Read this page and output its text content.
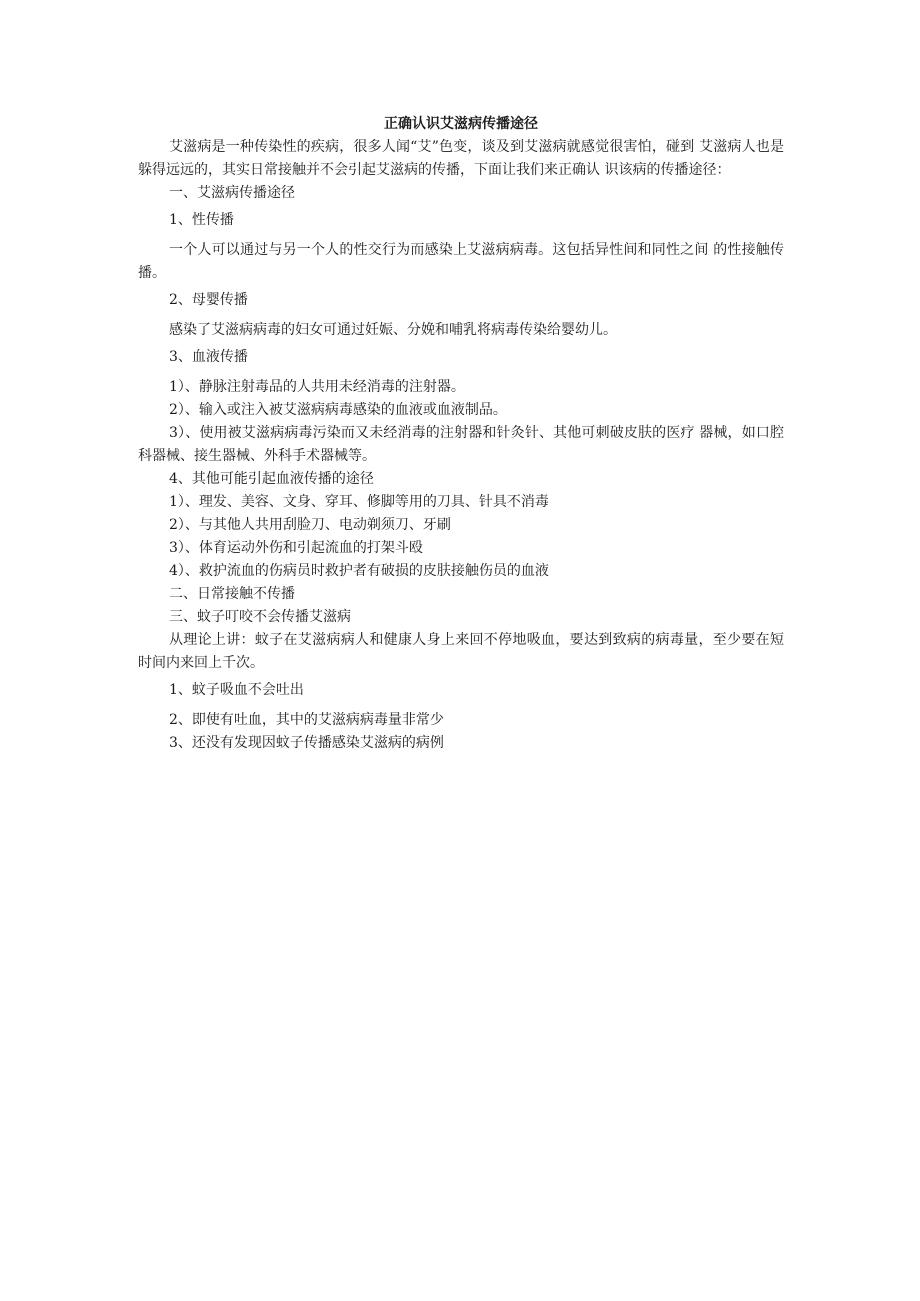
正确认识艾滋病传播途径

艾滋病是一种传染性的疾病，很多人闻“艾”色变，谈及到艾滋病就感觉很害怕，碰到 艾滋病人也是躲得远远的，其实日常接触并不会引起艾滋病的传播，下面让我们来正确认 识该病的传播途径：

一、艾滋病传播途径

1、性传播

一个人可以通过与另一个人的性交行为而感染上艾滋病病毒。这包括异性间和同性之间 的性接触传播。

2、母婴传播

感染了艾滋病病毒的妇女可通过妊娠、分娩和哺乳将病毒传染给婴幼儿。

3、血液传播

1）、静脉注射毒品的人共用未经消毒的注射器。

2）、输入或注入被艾滋病病毒感染的血液或血液制品。

3）、使用被艾滋病病毒污染而又未经消毒的注射器和针灸针、其他可刺破皮肤的医疗 器械，如口腔科器械、接生器械、外科手术器械等。

4、其他可能引起血液传播的途径

1）、理发、美容、文身、穿耳、修脚等用的刀具、针具不消毒

2）、与其他人共用刮脸刀、电动剃须刀、牙刷

3）、体育运动外伤和引起流血的打架斗殴

4）、救护流血的伤病员时救护者有破损的皮肤接触伤员的血液

二、日常接触不传播

三、蚊子叮咬不会传播艾滋病

从理论上讲：蚊子在艾滋病病人和健康人身上来回不停地吸血，要达到致病的病毒量，至少要在短时间内来回上千次。

1、蚊子吸血不会吐出

2、即使有吐血，其中的艾滋病病毒量非常少

3、还没有发现因蚊子传播感染艾滋病的病例
